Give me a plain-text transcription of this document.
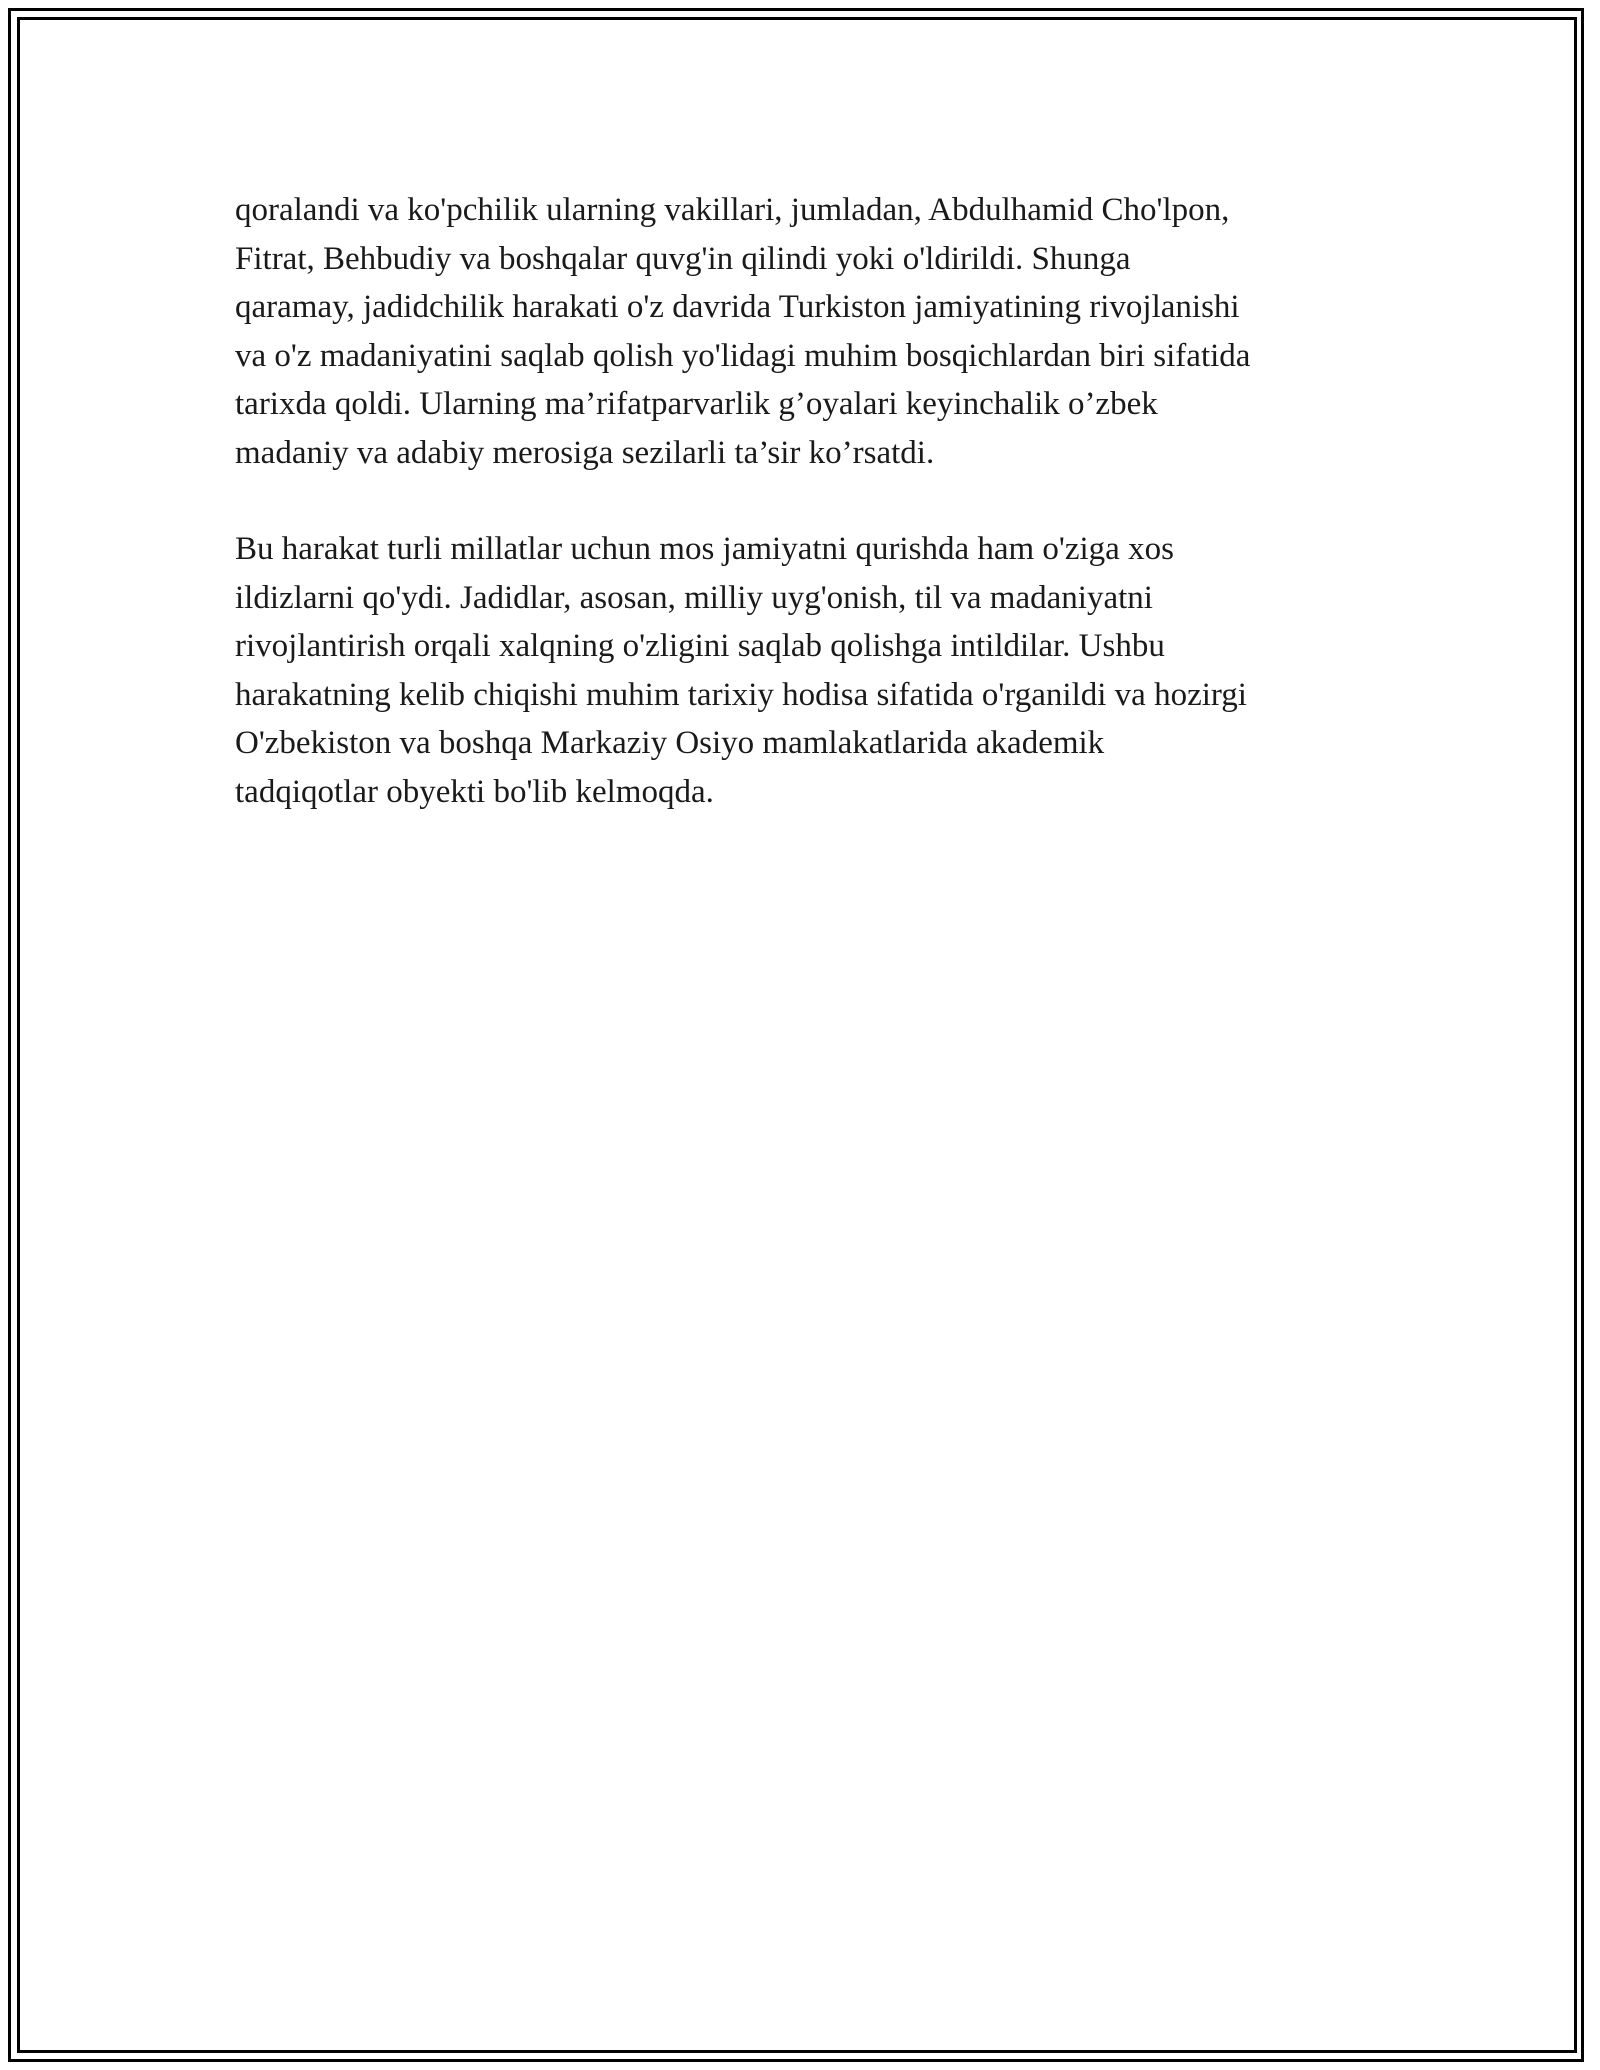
qoralandi va ko'pchilik ularning vakillari, jumladan, Abdulhamid Cho'lpon,
Fitrat, Behbudiy va boshqalar quvg'in qilindi yoki o'ldirildi. Shunga
qaramay, jadidchilik harakati o'z davrida Turkiston jamiyatining rivojlanishi
va o'z madaniyatini saqlab qolish yo'lidagi muhim bosqichlardan biri sifatida
tarixda qoldi. Ularning ma’rifatparvarlik g’oyalari keyinchalik o’zbek
madaniy va adabiy merosiga sezilarli ta’sir ko’rsatdi.

Bu harakat turli millatlar uchun mos jamiyatni qurishda ham o'ziga xos
ildizlarni qo'ydi. Jadidlar, asosan, milliy uyg'onish, til va madaniyatni
rivojlantirish orqali xalqning o'zligini saqlab qolishga intildilar. Ushbu
harakatning kelib chiqishi muhim tarixiy hodisa sifatida o'rganildi va hozirgi
O'zbekiston va boshqa Markaziy Osiyo mamlakatlarida akademik
tadqiqotlar obyekti bo'lib kelmoqda.
